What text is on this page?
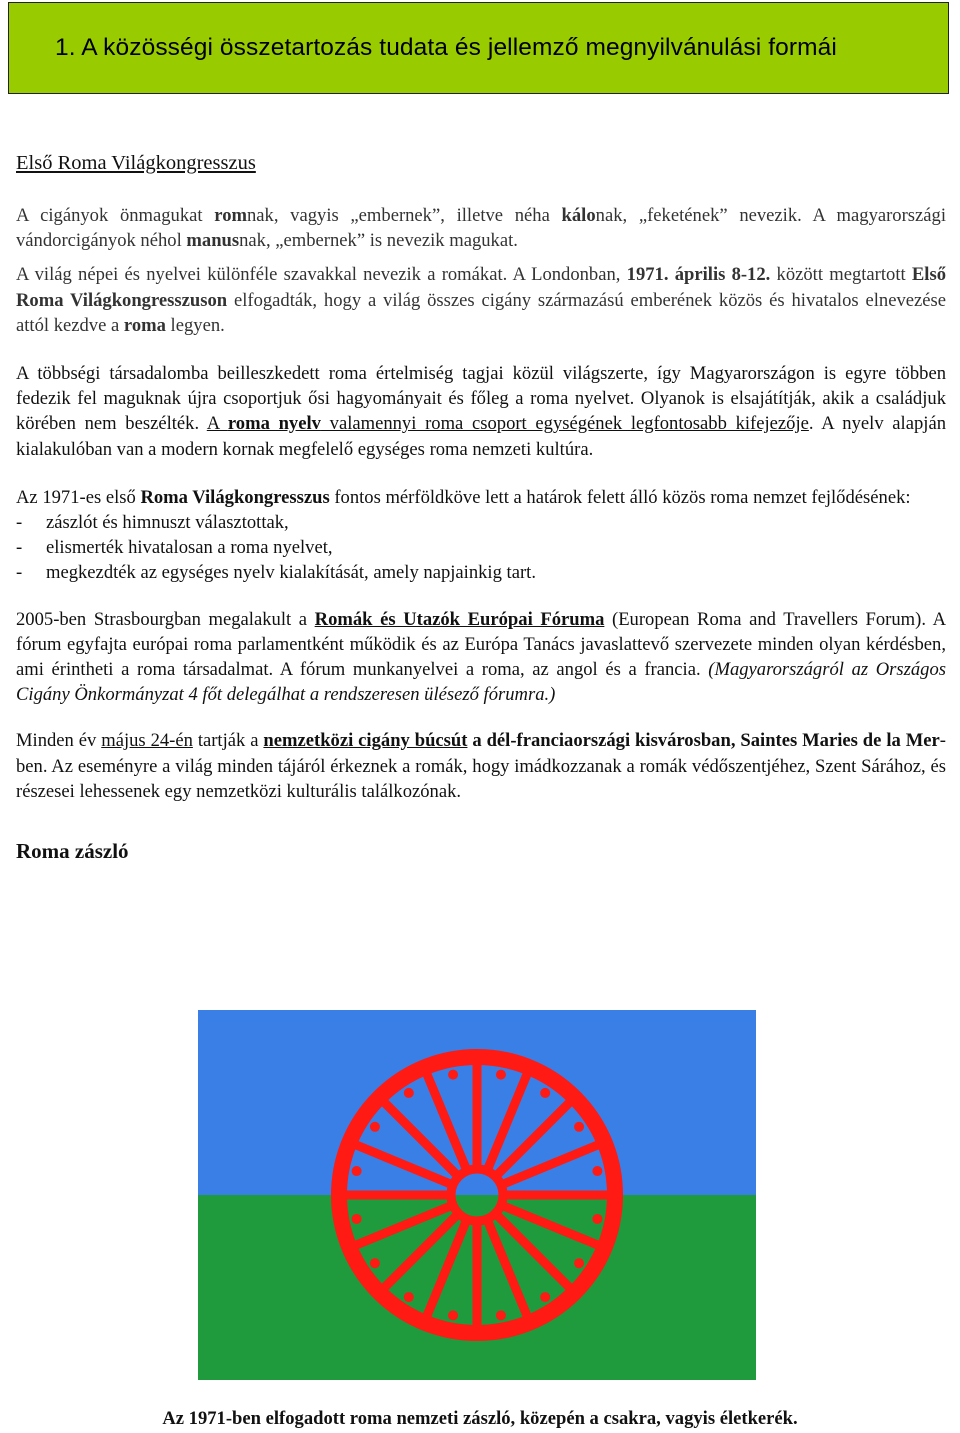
1. A közösségi összetartozás tudata és jellemző megnyilvánulási formái

Első Roma Világkongresszus

A cigányok önmagukat romnak, vagyis „embernek”, illetve néha kálonak, „feketének” nevezik. A magyarországi vándorcigányok néhol manusnak, „embernek” is nevezik magukat.

A világ népei és nyelvei különféle szavakkal nevezik a romákat. A Londonban, 1971. április 8-12. között megtartott Első Roma Világkongresszuson elfogadták, hogy a világ összes cigány származású emberének közös és hivatalos elnevezése attól kezdve a roma legyen.

A többségi társadalomba beilleszkedett roma értelmiség tagjai közül világszerte, így Magyarországon is egyre többen fedezik fel maguknak újra csoportjuk ősi hagyományait és főleg a roma nyelvet. Olyanok is elsajátítják, akik a családjuk körében nem beszélték. A roma nyelv valamennyi roma csoport egységének legfontosabb kifejezője. A nyelv alapján kialakulóban van a modern kornak megfelelő egységes roma nemzeti kultúra.

Az 1971-es első Roma Világkongresszus fontos mérföldköve lett a határok felett álló közös roma nemzet fejlődésének:

- zászlót és himnuszt választottak,
- elismerték hivatalosan a roma nyelvet,
- megkezdték az egységes nyelv kialakítását, amely napjainkig tart.

2005-ben Strasbourgban megalakult a Romák és Utazók Európai Fóruma (European Roma and Travellers Forum). A fórum egyfajta európai roma parlamentként működik és az Európa Tanács javaslattevő szervezete minden olyan kérdésben, ami érintheti a roma társadalmat. A fórum munkanyelvei a roma, az angol és a francia. (Magyarországról az Országos Cigány Önkormányzat 4 főt delegálhat a rendszeresen ülésező fórumra.)

Minden év május 24-én tartják a nemzetközi cigány búcsút a dél-franciaországi kisvárosban, Saintes Maries de la Mer-ben. Az eseményre a világ minden tájáról érkeznek a romák, hogy imádkozzanak a romák védőszentjéhez, Szent Sárához, és részesei lehessenek egy nemzetközi kulturális találkozónak.

Roma zászló

Az 1971-ben elfogadott roma nemzeti zászló, közepén a csakra, vagyis életkerék.
